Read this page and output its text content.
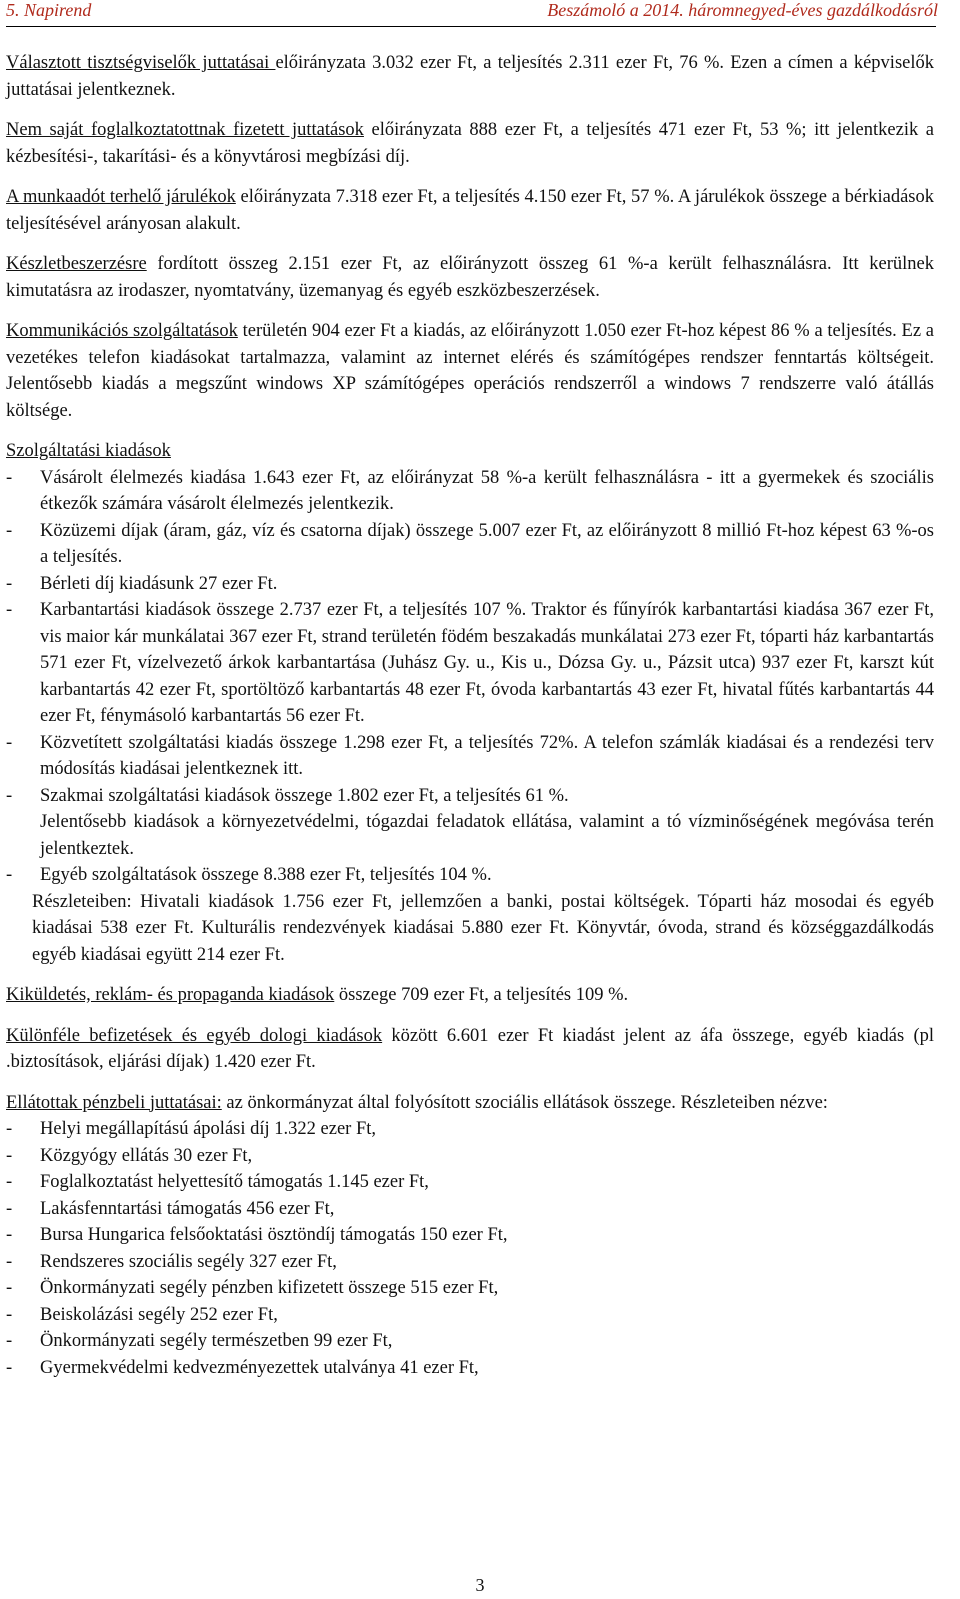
5. Napirend	Beszámoló a 2014. háromnegyed-éves gazdálkodásról

Választott tisztségviselők juttatásai előirányzata 3.032 ezer Ft, a teljesítés 2.311 ezer Ft, 76 %. Ezen a címen a képviselők juttatásai jelentkeznek.

Nem saját foglalkoztatottnak fizetett juttatások előirányzata 888 ezer Ft, a teljesítés 471 ezer Ft, 53 %; itt jelentkezik a kézbesítési-, takarítási- és a könyvtárosi megbízási díj.

A munkaadót terhelő járulékok előirányzata 7.318 ezer Ft, a teljesítés 4.150 ezer Ft, 57 %. A járulékok összege a bérkiadások teljesítésével arányosan alakult.

Készletbeszerzésre fordított összeg 2.151 ezer Ft, az előirányzott összeg 61 %-a került felhasználásra. Itt kerülnek kimutatásra az irodaszer, nyomtatvány, üzemanyag és egyéb eszközbeszerzések.

Kommunikációs szolgáltatások területén 904 ezer Ft a kiadás, az előirányzott 1.050 ezer Ft-hoz képest 86 % a teljesítés. Ez a vezetékes telefon kiadásokat tartalmazza, valamint az internet elérés és számítógépes rendszer fenntartás költségeit. Jelentősebb kiadás a megszűnt windows XP számítógépes operációs rendszerről a windows 7 rendszerre való átállás költsége.

Szolgáltatási kiadások
-	Vásárolt élelmezés kiadása 1.643 ezer Ft, az előirányzat 58 %-a került felhasználásra - itt a gyermekek és szociális étkezők számára vásárolt élelmezés jelentkezik.
-	Közüzemi díjak (áram, gáz, víz és csatorna díjak) összege 5.007 ezer Ft, az előirányzott 8 millió Ft-hoz képest 63 %-os a teljesítés.
-	Bérleti díj kiadásunk 27 ezer Ft.
-	Karbantartási kiadások összege 2.737 ezer Ft, a teljesítés 107 %. Traktor és fűnyírók karbantartási kiadása 367 ezer Ft, vis maior kár munkálatai 367 ezer Ft, strand területén födém beszakadás munkálatai 273 ezer Ft, tóparti ház karbantartás 571 ezer Ft, vízelvezető árkok karbantartása (Juhász Gy. u., Kis u., Dózsa Gy. u., Pázsit utca) 937 ezer Ft, karszt kút karbantartás 42 ezer Ft, sportöltöző karbantartás 48 ezer Ft, óvoda karbantartás 43 ezer Ft, hivatal fűtés karbantartás 44 ezer Ft, fénymásoló karbantartás 56 ezer Ft.
-	Közvetített szolgáltatási kiadás összege 1.298 ezer Ft, a teljesítés 72%. A telefon számlák kiadásai és a rendezési terv módosítás kiadásai jelentkeznek itt.
-	Szakmai szolgáltatási kiadások összege 1.802 ezer Ft, a teljesítés 61 %.
Jelentősebb kiadások a környezetvédelmi, tógazdai feladatok ellátása, valamint a tó vízminőségének megóvása terén jelentkeztek.
-	Egyéb szolgáltatások összege 8.388 ezer Ft, teljesítés 104 %.
Részleteiben: Hivatali kiadások 1.756 ezer Ft, jellemzően a banki, postai költségek. Tóparti ház mosodai és egyéb kiadásai 538 ezer Ft. Kulturális rendezvények kiadásai 5.880 ezer Ft. Könyvtár, óvoda, strand és községgazdálkodás egyéb kiadásai együtt 214 ezer Ft.

Kiküldetés, reklám- és propaganda kiadások összege 709 ezer Ft, a teljesítés 109 %.

Különféle befizetések és egyéb dologi kiadások között 6.601 ezer Ft kiadást jelent az áfa összege, egyéb kiadás (pl .biztosítások, eljárási díjak) 1.420 ezer Ft.

Ellátottak pénzbeli juttatásai: az önkormányzat által folyósított szociális ellátások összege. Részleteiben nézve:

-	Helyi megállapítású ápolási díj 1.322 ezer Ft,
-	Közgyógy ellátás 30 ezer Ft,
-	Foglalkoztatást helyettesítő támogatás 1.145 ezer Ft,
-	Lakásfenntartási támogatás 456 ezer Ft,
-	Bursa Hungarica felsőoktatási ösztöndíj támogatás 150 ezer Ft,
-	Rendszeres szociális segély 327 ezer Ft,
-	Önkormányzati segély pénzben kifizetett összege 515 ezer Ft,
-	Beiskolázási segély 252 ezer Ft,
-	Önkormányzati segély természetben 99 ezer Ft,
-	Gyermekvédelmi kedvezményezettek utalványa 41 ezer Ft,
3
